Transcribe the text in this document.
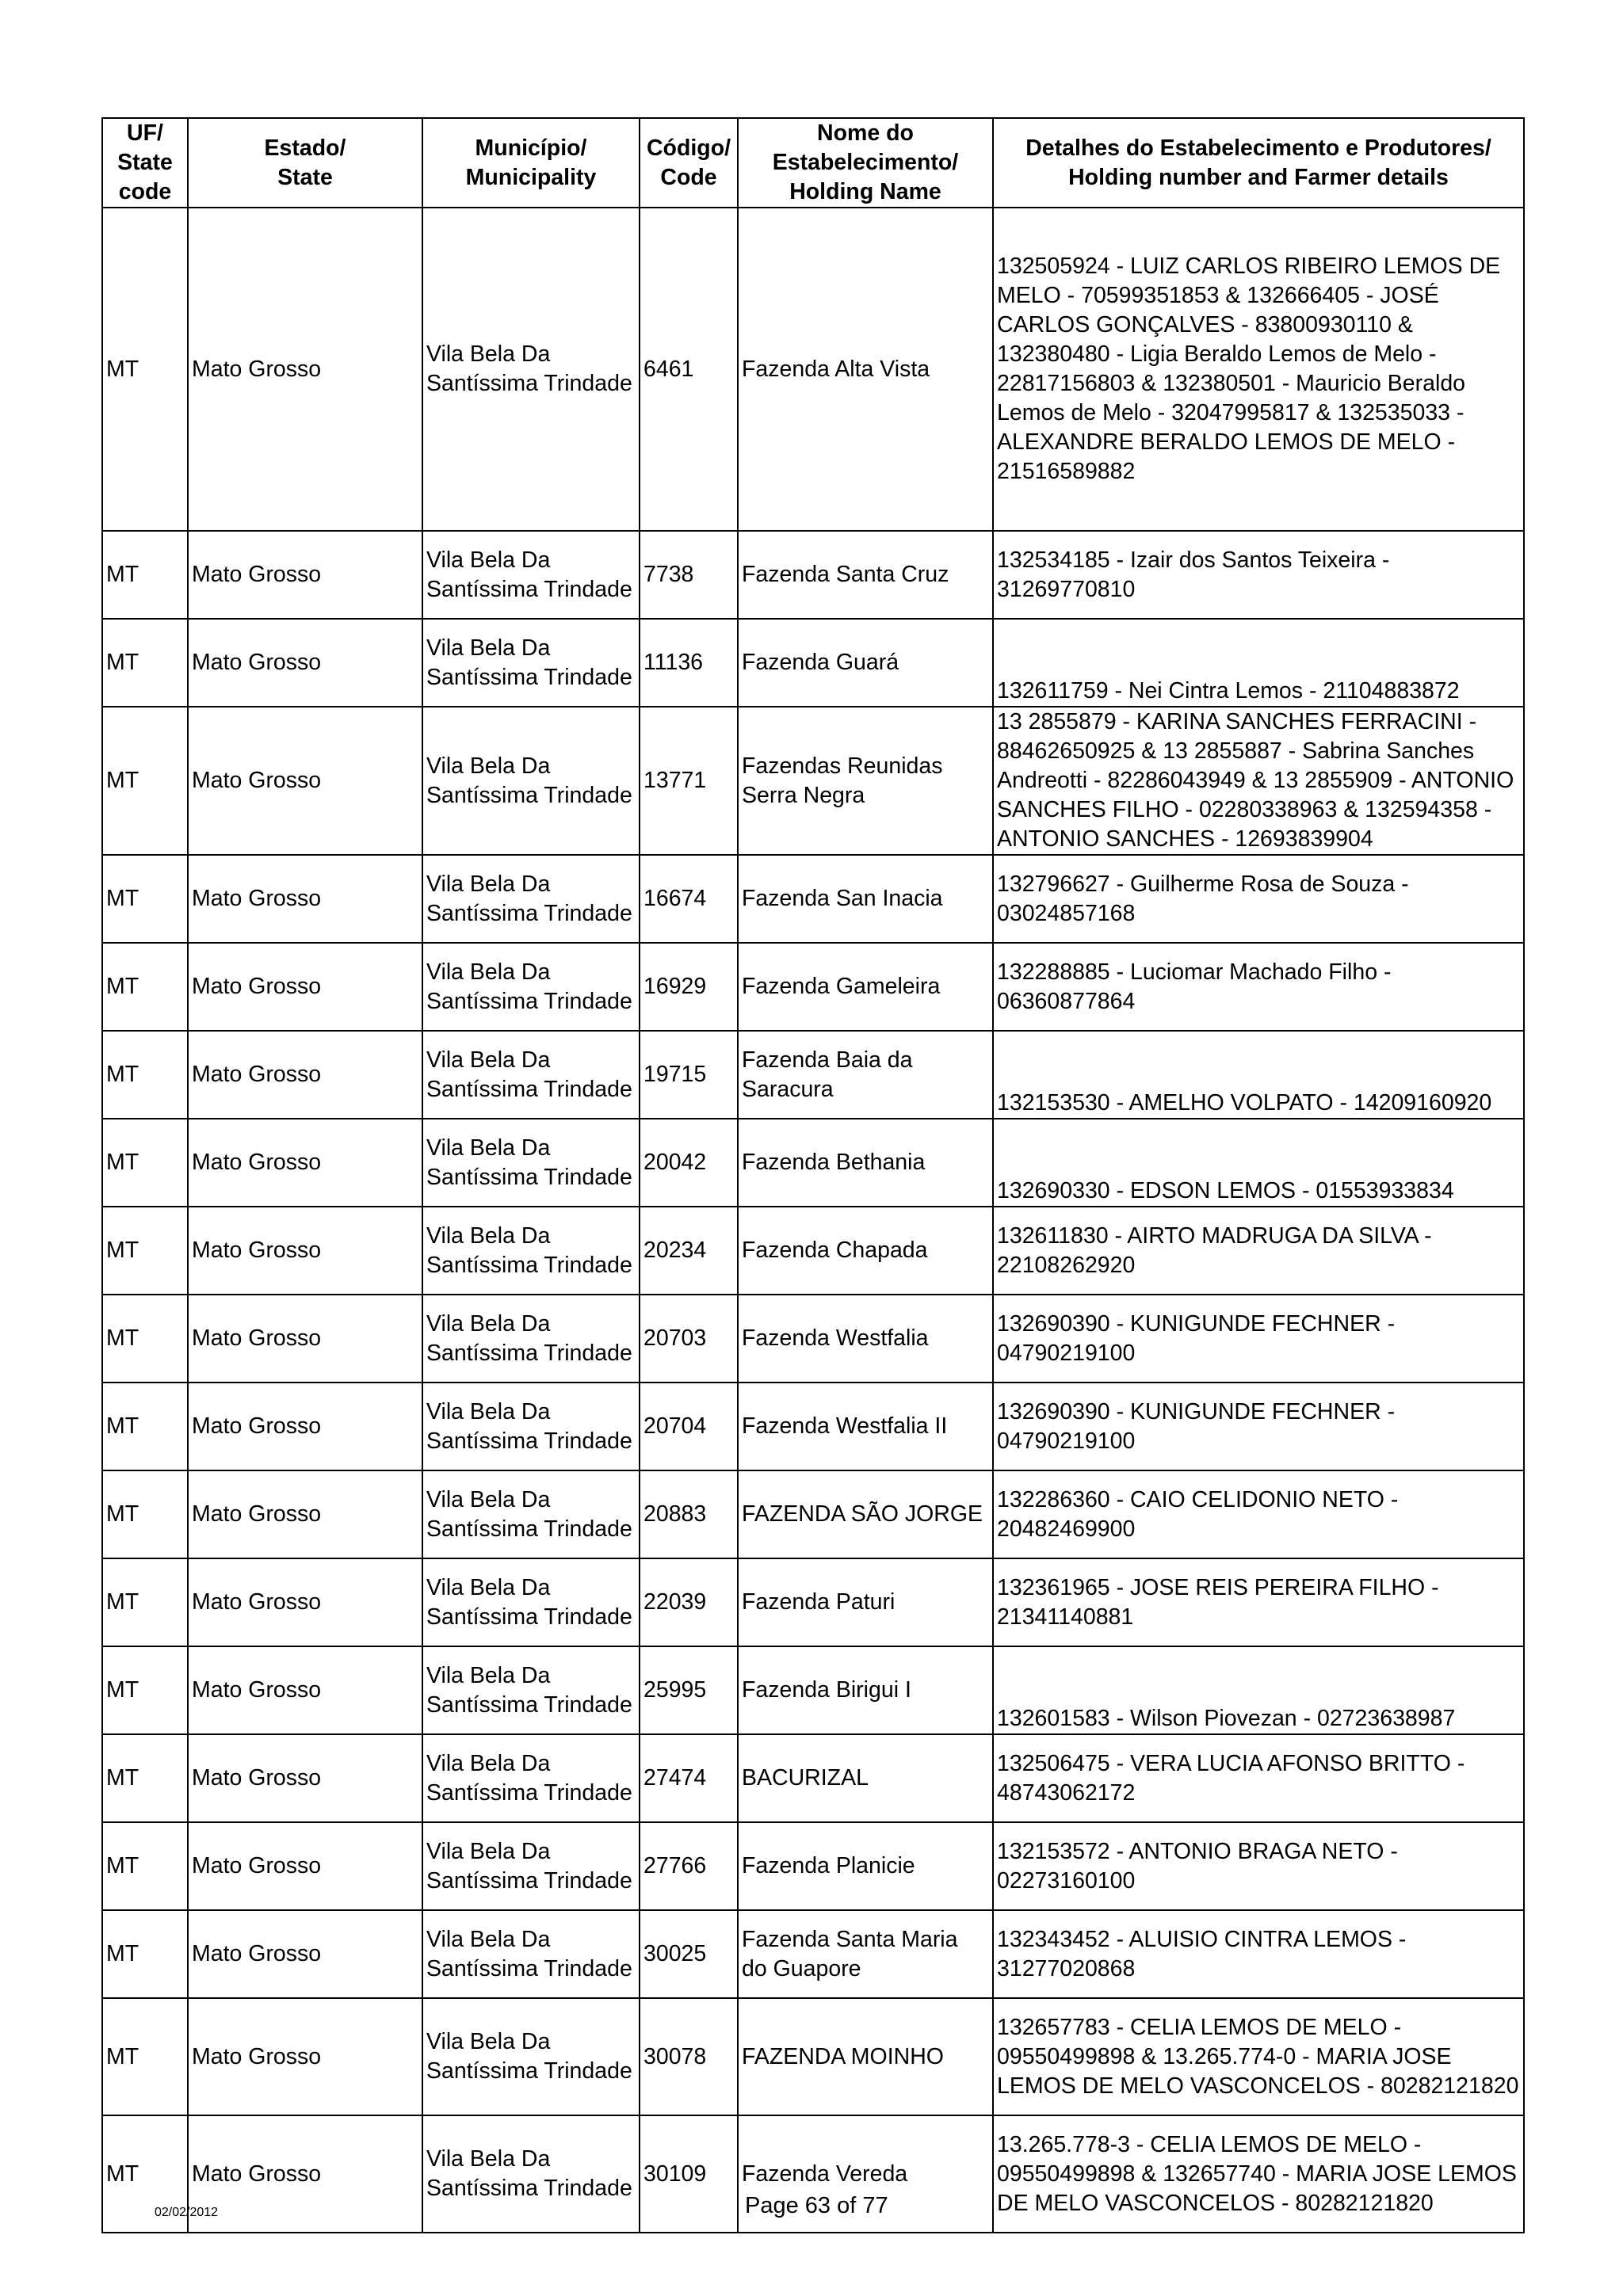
UF/
State
code	Estado/
State	Município/
Municipality	Código/
Code	Nome do
Estabelecimento/
Holding Name	Detalhes do Estabelecimento e Produtores/
Holding number and Farmer details

MT	Mato Grosso	Vila Bela Da Santíssima Trindade	6461	Fazenda Alta Vista	132505924 - LUIZ CARLOS RIBEIRO LEMOS DE MELO - 70599351853 & 132666405 - JOSÉ CARLOS GONÇALVES - 83800930110 & 132380480 - Ligia Beraldo Lemos de Melo - 22817156803 & 132380501 - Mauricio Beraldo Lemos de Melo - 32047995817 & 132535033 - ALEXANDRE BERALDO LEMOS DE MELO - 21516589882
MT	Mato Grosso	Vila Bela Da Santíssima Trindade	7738	Fazenda Santa Cruz	132534185 - Izair dos Santos Teixeira - 31269770810
MT	Mato Grosso	Vila Bela Da Santíssima Trindade	11136	Fazenda Guará	132611759 - Nei Cintra Lemos - 21104883872
MT	Mato Grosso	Vila Bela Da Santíssima Trindade	13771	Fazendas Reunidas Serra Negra	13 2855879 - KARINA SANCHES FERRACINI - 88462650925 & 13 2855887 - Sabrina Sanches Andreotti - 82286043949 & 13 2855909 - ANTONIO SANCHES FILHO - 02280338963 & 132594358 - ANTONIO SANCHES - 12693839904
MT	Mato Grosso	Vila Bela Da Santíssima Trindade	16674	Fazenda San Inacia	132796627 - Guilherme Rosa de Souza - 03024857168
MT	Mato Grosso	Vila Bela Da Santíssima Trindade	16929	Fazenda Gameleira	132288885 - Luciomar Machado Filho - 06360877864
MT	Mato Grosso	Vila Bela Da Santíssima Trindade	19715	Fazenda Baia da Saracura	132153530 - AMELHO VOLPATO - 14209160920
MT	Mato Grosso	Vila Bela Da Santíssima Trindade	20042	Fazenda Bethania	132690330 - EDSON LEMOS - 01553933834
MT	Mato Grosso	Vila Bela Da Santíssima Trindade	20234	Fazenda Chapada	132611830 - AIRTO MADRUGA DA SILVA - 22108262920
MT	Mato Grosso	Vila Bela Da Santíssima Trindade	20703	Fazenda Westfalia	132690390 - KUNIGUNDE FECHNER - 04790219100
MT	Mato Grosso	Vila Bela Da Santíssima Trindade	20704	Fazenda Westfalia II	132690390 - KUNIGUNDE FECHNER - 04790219100
MT	Mato Grosso	Vila Bela Da Santíssima Trindade	20883	FAZENDA SÃO JORGE	132286360 - CAIO CELIDONIO NETO - 20482469900
MT	Mato Grosso	Vila Bela Da Santíssima Trindade	22039	Fazenda Paturi	132361965 - JOSE REIS PEREIRA FILHO - 21341140881
MT	Mato Grosso	Vila Bela Da Santíssima Trindade	25995	Fazenda Birigui I	132601583 - Wilson Piovezan - 02723638987
MT	Mato Grosso	Vila Bela Da Santíssima Trindade	27474	BACURIZAL	132506475 - VERA LUCIA AFONSO BRITTO - 48743062172
MT	Mato Grosso	Vila Bela Da Santíssima Trindade	27766	Fazenda Planicie	132153572 - ANTONIO BRAGA NETO - 02273160100
MT	Mato Grosso	Vila Bela Da Santíssima Trindade	30025	Fazenda Santa Maria do Guapore	132343452 - ALUISIO CINTRA LEMOS - 31277020868
MT	Mato Grosso	Vila Bela Da Santíssima Trindade	30078	FAZENDA MOINHO	132657783 - CELIA LEMOS DE MELO - 09550499898 & 13.265.774-0 - MARIA JOSE LEMOS DE MELO VASCONCELOS - 80282121820
MT	Mato Grosso	Vila Bela Da Santíssima Trindade	30109	Fazenda Vereda	13.265.778-3 - CELIA LEMOS DE MELO - 09550499898 & 132657740 - MARIA JOSE LEMOS DE MELO VASCONCELOS - 80282121820
02/02/2012	Page 63 of 77
